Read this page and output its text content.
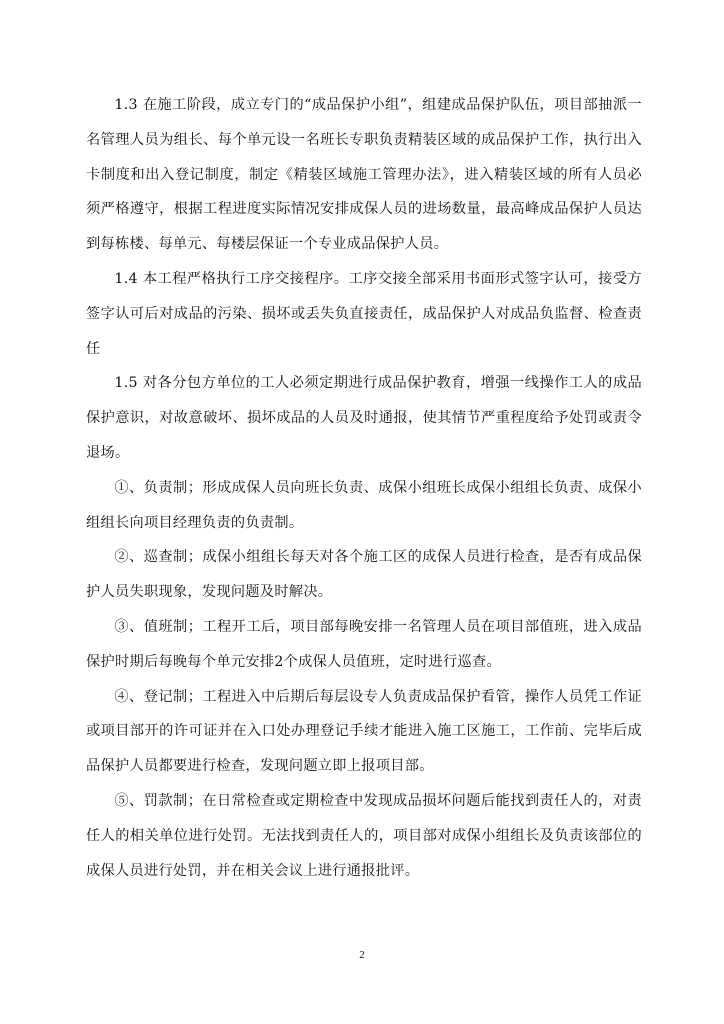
1.3 在施工阶段，成立专门的“成品保护小组”，组建成品保护队伍，项目部抽派一名管理人员为组长、每个单元设一名班长专职负责精装区域的成品保护工作，执行出入卡制度和出入登记制度，制定《精装区域施工管理办法》，进入精装区域的所有人员必须严格遵守，根据工程进度实际情况安排成保人员的进场数量，最高峰成品保护人员达到每栋楼、每单元、每楼层保证一个专业成品保护人员。

1.4 本工程严格执行工序交接程序。工序交接全部采用书面形式签字认可，接受方签字认可后对成品的污染、损坏或丢失负直接责任，成品保护人对成品负监督、检查责任

1.5 对各分包方单位的工人必须定期进行成品保护教育，增强一线操作工人的成品保护意识，对故意破坏、损坏成品的人员及时通报，使其情节严重程度给予处罚或责令退场。

①、负责制；形成成保人员向班长负责、成保小组班长成保小组组长负责、成保小组组长向项目经理负责的负责制。

②、巡查制；成保小组组长每天对各个施工区的成保人员进行检查，是否有成品保护人员失职现象，发现问题及时解决。

③、值班制；工程开工后，项目部每晚安排一名管理人员在项目部值班，进入成品保护时期后每晚每个单元安排2个成保人员值班，定时进行巡查。

④、登记制；工程进入中后期后每层设专人负责成品保护看管，操作人员凭工作证或项目部开的许可证并在入口处办理登记手续才能进入施工区施工，工作前、完毕后成品保护人员都要进行检查，发现问题立即上报项目部。

⑤、罚款制；在日常检查或定期检查中发现成品损坏问题后能找到责任人的，对责任人的相关单位进行处罚。无法找到责任人的，项目部对成保小组组长及负责该部位的成保人员进行处罚，并在相关会议上进行通报批评。

2
